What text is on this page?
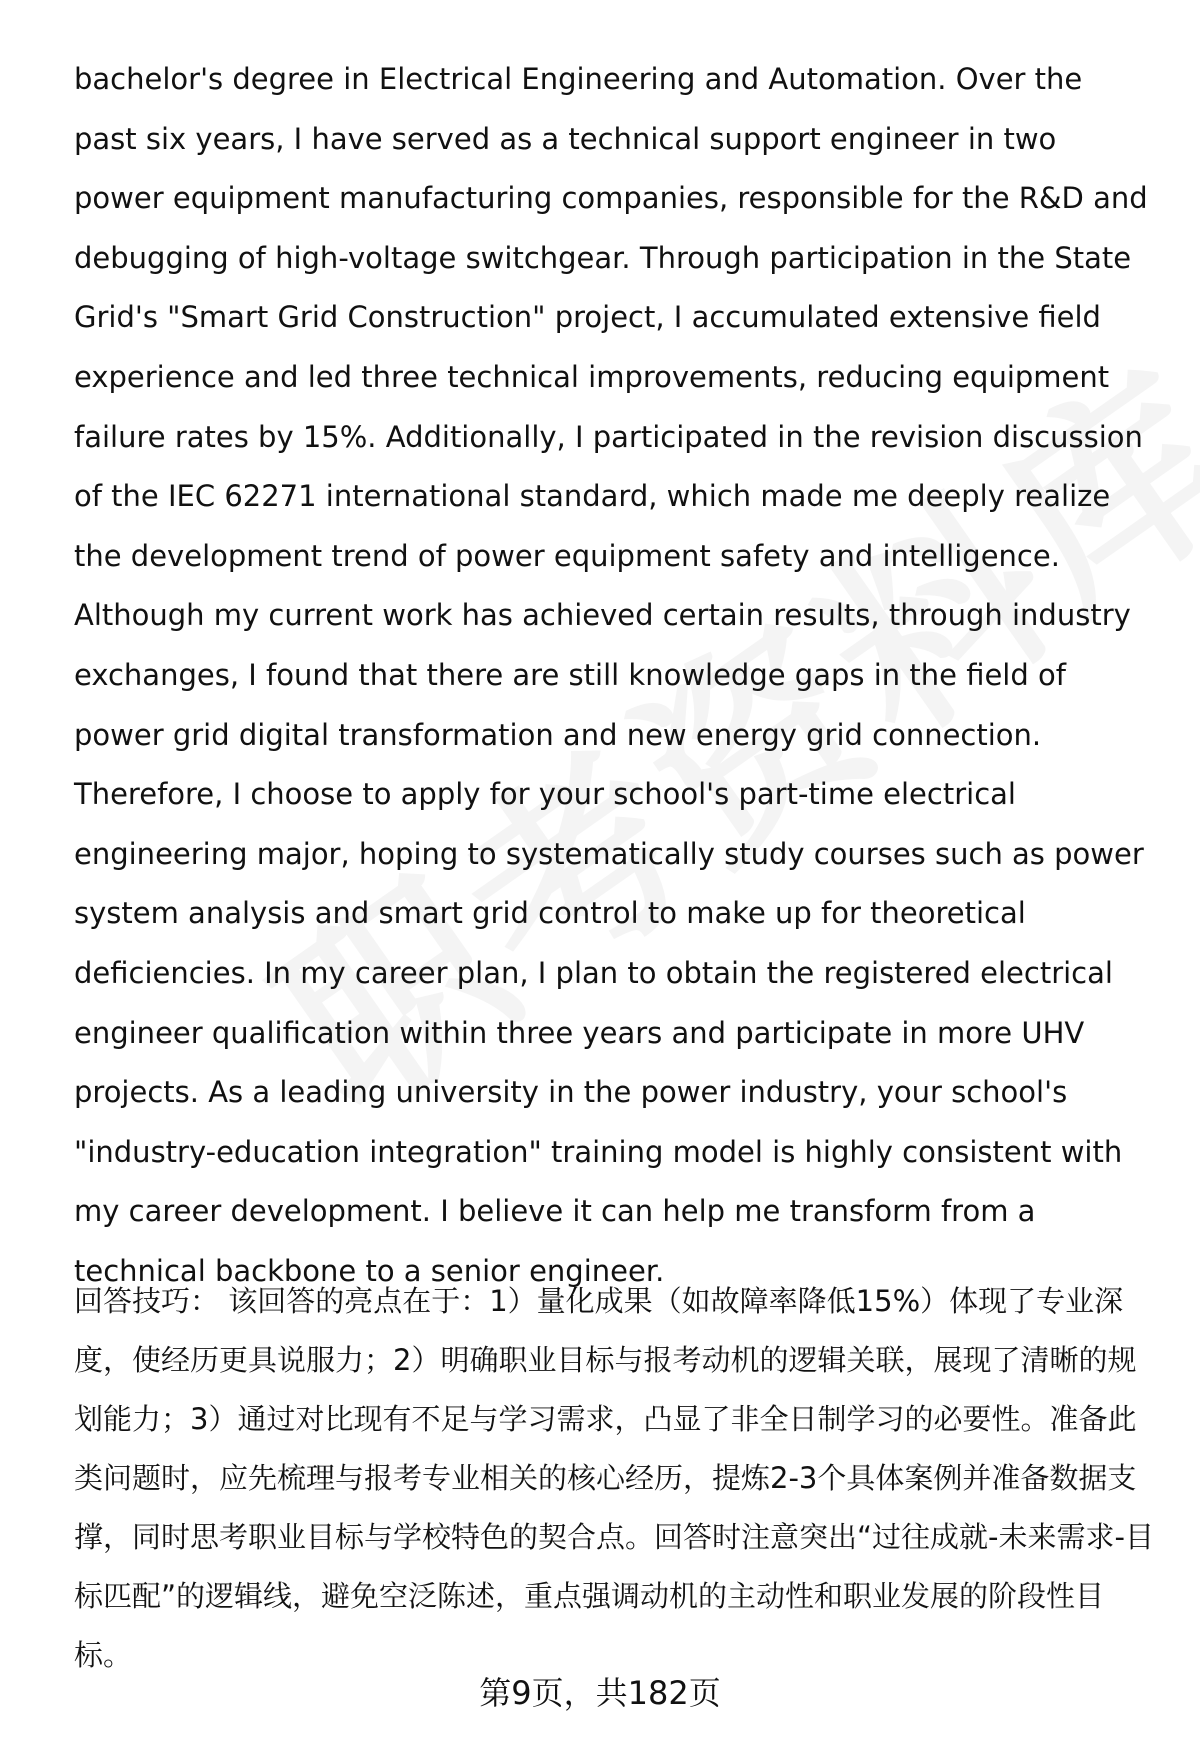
bachelor's degree in Electrical Engineering and Automation. Over the past six years, I have served as a technical support engineer in two power equipment manufacturing companies, responsible for the R&D and debugging of high-voltage switchgear. Through participation in the State Grid's "Smart Grid Construction" project, I accumulated extensive field experience and led three technical improvements, reducing equipment failure rates by 15%. Additionally, I participated in the revision discussion of the IEC 62271 international standard, which made me deeply realize the development trend of power equipment safety and intelligence. Although my current work has achieved certain results, through industry exchanges, I found that there are still knowledge gaps in the field of power grid digital transformation and new energy grid connection. Therefore, I choose to apply for your school's part-time electrical engineering major, hoping to systematically study courses such as power system analysis and smart grid control to make up for theoretical deficiencies. In my career plan, I plan to obtain the registered electrical engineer qualification within three years and participate in more UHV projects. As a leading university in the power industry, your school's "industry-education integration" training model is highly consistent with my career development. I believe it can help me transform from a technical backbone to a senior engineer.

回答技巧： 该回答的亮点在于：1）量化成果（如故障率降低15%）体现了专业深度，使经历更具说服力；2）明确职业目标与报考动机的逻辑关联，展现了清晰的规划能力；3）通过对比现有不足与学习需求，凸显了非全日制学习的必要性。准备此类问题时，应先梳理与报考专业相关的核心经历，提炼2-3个具体案例并准备数据支撑，同时思考职业目标与学校特色的契合点。回答时注意突出“过往成就-未来需求-目标匹配”的逻辑线，避免空泛陈述，重点强调动机的主动性和职业发展的阶段性目标。

第9页，共182页
